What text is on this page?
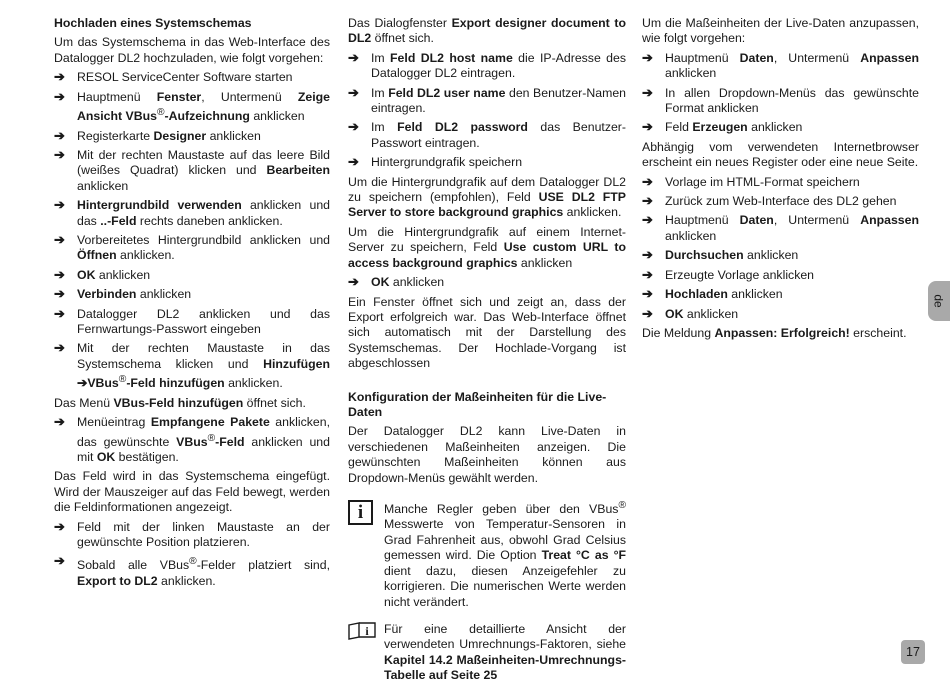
Hochladen eines Systemschemas
Um das Systemschema in das Web-Interface des Datalogger DL2 hochzuladen, wie folgt vorgehen:
➔ RESOL ServiceCenter Software starten
➔ Hauptmenü Fenster, Untermenü Zeige Ansicht VBus®-Aufzeichnung anklicken
➔ Registerkarte Designer anklicken
➔ Mit der rechten Maustaste auf das leere Bild (weißes Quadrat) klicken und Bearbeiten anklicken
➔ Hintergrundbild verwenden anklicken und das ..-Feld rechts daneben anklicken.
➔ Vorbereitetes Hintergrundbild anklicken und Öffnen anklicken.
➔ OK anklicken
➔ Verbinden anklicken
➔ Datalogger DL2 anklicken und das Fernwartungs-Passwort eingeben
➔ Mit der rechten Maustaste in das Systemschema klicken und Hinzufügen ➔VBus®-Feld hinzufügen anklicken.
Das Menü VBus-Feld hinzufügen öffnet sich.
➔ Menüeintrag Empfangene Pakete anklicken, das gewünschte VBus®-Feld anklicken und mit OK bestätigen.
Das Feld wird in das Systemschema eingefügt. Wird der Mauszeiger auf das Feld bewegt, werden die Feldinformationen angezeigt.
➔ Feld mit der linken Maustaste an der gewünschte Position platzieren.
➔ Sobald alle VBus®-Felder platziert sind, Export to DL2 anklicken.
Das Dialogfenster Export designer document to DL2 öffnet sich.
➔ Im Feld DL2 host name die IP-Adresse des Datalogger DL2 eintragen.
➔ Im Feld DL2 user name den Benutzer-Namen eintragen.
➔ Im Feld DL2 password das Benutzer-Passwort eintragen.
➔ Hintergrundgrafik speichern
Um die Hintergrundgrafik auf dem Datalogger DL2 zu speichern (empfohlen), Feld USE DL2 FTP Server to store background graphics anklicken.
Um die Hintergrundgrafik auf einem Internet-Server zu speichern, Feld Use custom URL to access background graphics anklicken
➔ OK anklicken
Ein Fenster öffnet sich und zeigt an, dass der Export erfolgreich war. Das Web-Interface öffnet sich automatisch mit der Darstellung des Systemschemas. Der Hochlade-Vorgang ist abgeschlossen
Konfiguration der Maßeinheiten für die Live-Daten
Der Datalogger DL2 kann Live-Daten in verschiedenen Maßeinheiten anzeigen. Die gewünschten Maßeinheiten können aus Dropdown-Menüs gewählt werden.
i	Manche Regler geben über den VBus® Messwerte von Temperatur-Sensoren in Grad Fahrenheit aus, obwohl Grad Celsius gemessen wird. Die Option Treat °C as °F dient dazu, diesen Anzeigefehler zu korrigieren. Die numerischen Werte werden nicht verändert.
i Für eine detaillierte Ansicht der verwendeten Umrechnungs-Faktoren, siehe Kapitel 14.2 Maßeinheiten-Umrechnungs-Tabelle auf Seite 25
Um die Maßeinheiten der Live-Daten anzupassen, wie folgt vorgehen:
➔ Hauptmenü Daten, Untermenü Anpassen anklicken
➔ In allen Dropdown-Menüs das gewünschte Format anklicken
➔ Feld Erzeugen anklicken
Abhängig vom verwendeten Internetbrowser erscheint ein neues Register oder eine neue Seite.
➔ Vorlage im HTML-Format speichern
➔ Zurück zum Web-Interface des DL2 gehen
➔ Hauptmenü Daten, Untermenü Anpassen anklicken
➔ Durchsuchen anklicken
➔ Erzeugte Vorlage anklicken
➔ Hochladen anklicken
➔ OK anklicken
Die Meldung Anpassen: Erfolgreich! erscheint.
de
17
